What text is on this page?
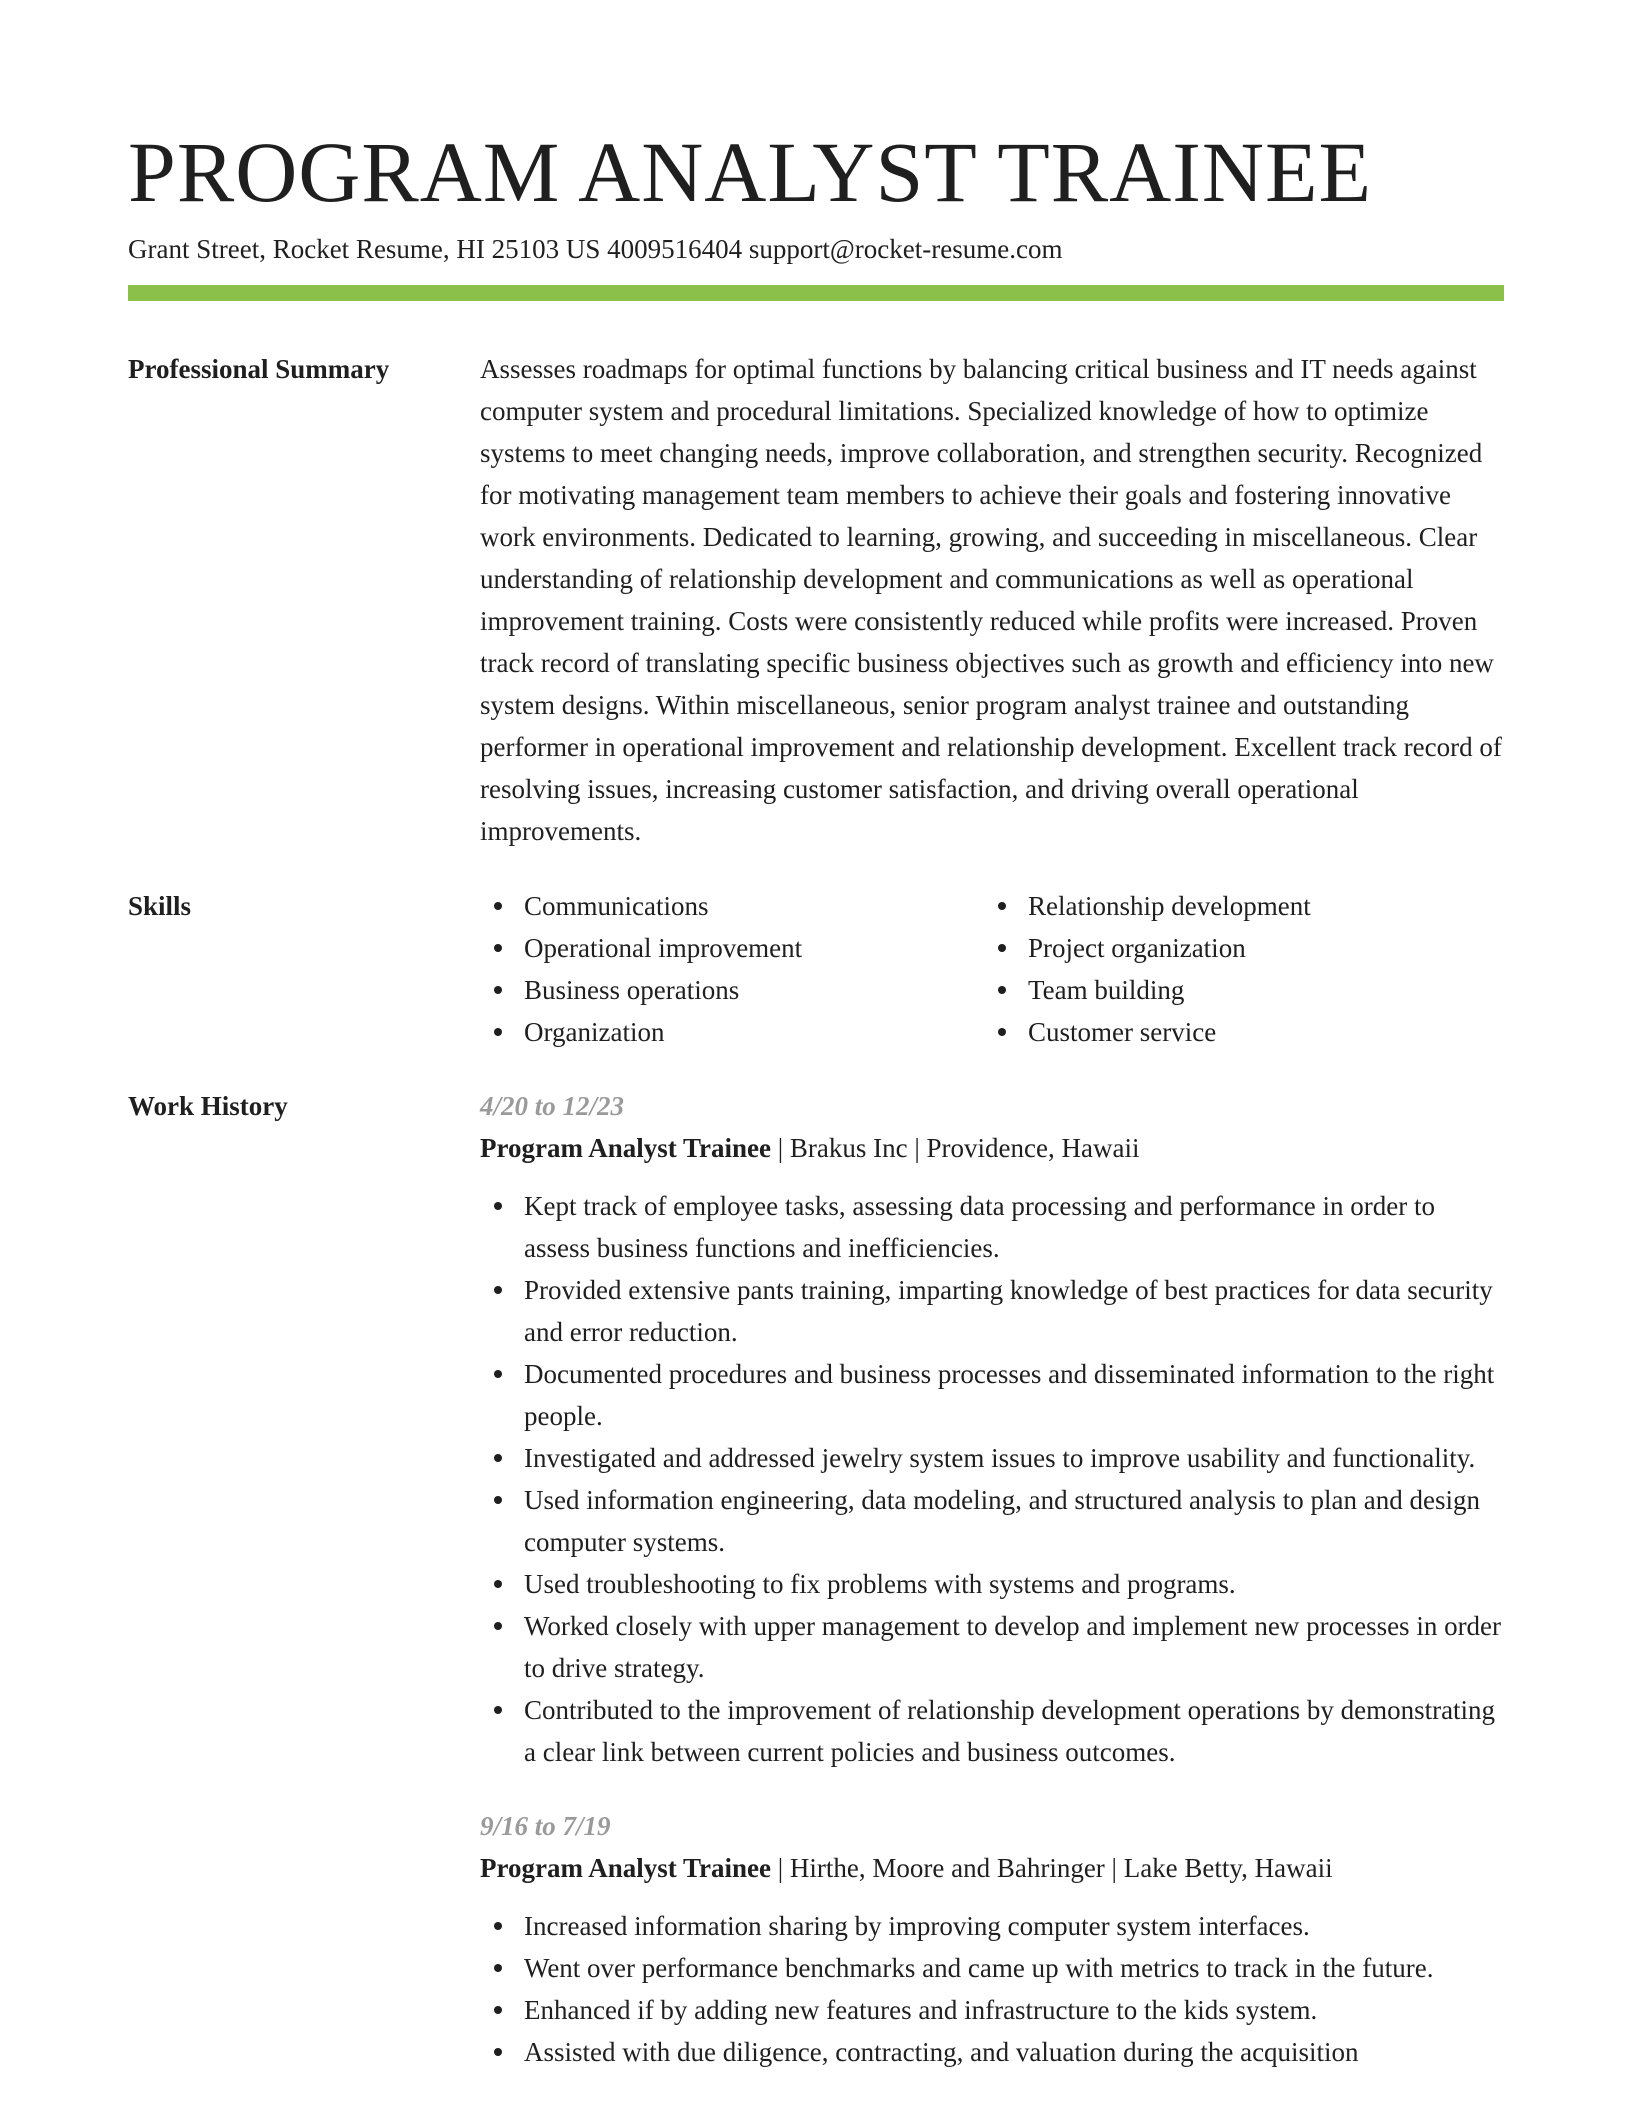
PROGRAM ANALYST TRAINEE
Grant Street, Rocket Resume, HI 25103 US 4009516404 support@rocket-resume.com
Professional Summary	Assesses roadmaps for optimal functions by balancing critical business and IT needs against computer system and procedural limitations. Specialized knowledge of how to optimize systems to meet changing needs, improve collaboration, and strengthen security. Recognized for motivating management team members to achieve their goals and fostering innovative work environments. Dedicated to learning, growing, and succeeding in miscellaneous. Clear understanding of relationship development and communications as well as operational improvement training. Costs were consistently reduced while profits were increased. Proven track record of translating specific business objectives such as growth and efficiency into new system designs. Within miscellaneous, senior program analyst trainee and outstanding performer in operational improvement and relationship development. Excellent track record of resolving issues, increasing customer satisfaction, and driving overall operational improvements.

Skills	Communications
Operational improvement
Business operations
Organization
Relationship development
Project organization
Team building
Customer service
Work History	4/20 to 12/23
Program Analyst Trainee | Brakus Inc | Providence, Hawaii
Kept track of employee tasks, assessing data processing and performance in order to assess business functions and inefficiencies.
Provided extensive pants training, imparting knowledge of best practices for data security and error reduction.
Documented procedures and business processes and disseminated information to the right people.
Investigated and addressed jewelry system issues to improve usability and functionality.
Used information engineering, data modeling, and structured analysis to plan and design computer systems.
Used troubleshooting to fix problems with systems and programs.
Worked closely with upper management to develop and implement new processes in order to drive strategy.
Contributed to the improvement of relationship development operations by demonstrating a clear link between current policies and business outcomes.
9/16 to 7/19
Program Analyst Trainee | Hirthe, Moore and Bahringer | Lake Betty, Hawaii
Increased information sharing by improving computer system interfaces.
Went over performance benchmarks and came up with metrics to track in the future.
Enhanced if by adding new features and infrastructure to the kids system.
Assisted with due diligence, contracting, and valuation during the acquisition
